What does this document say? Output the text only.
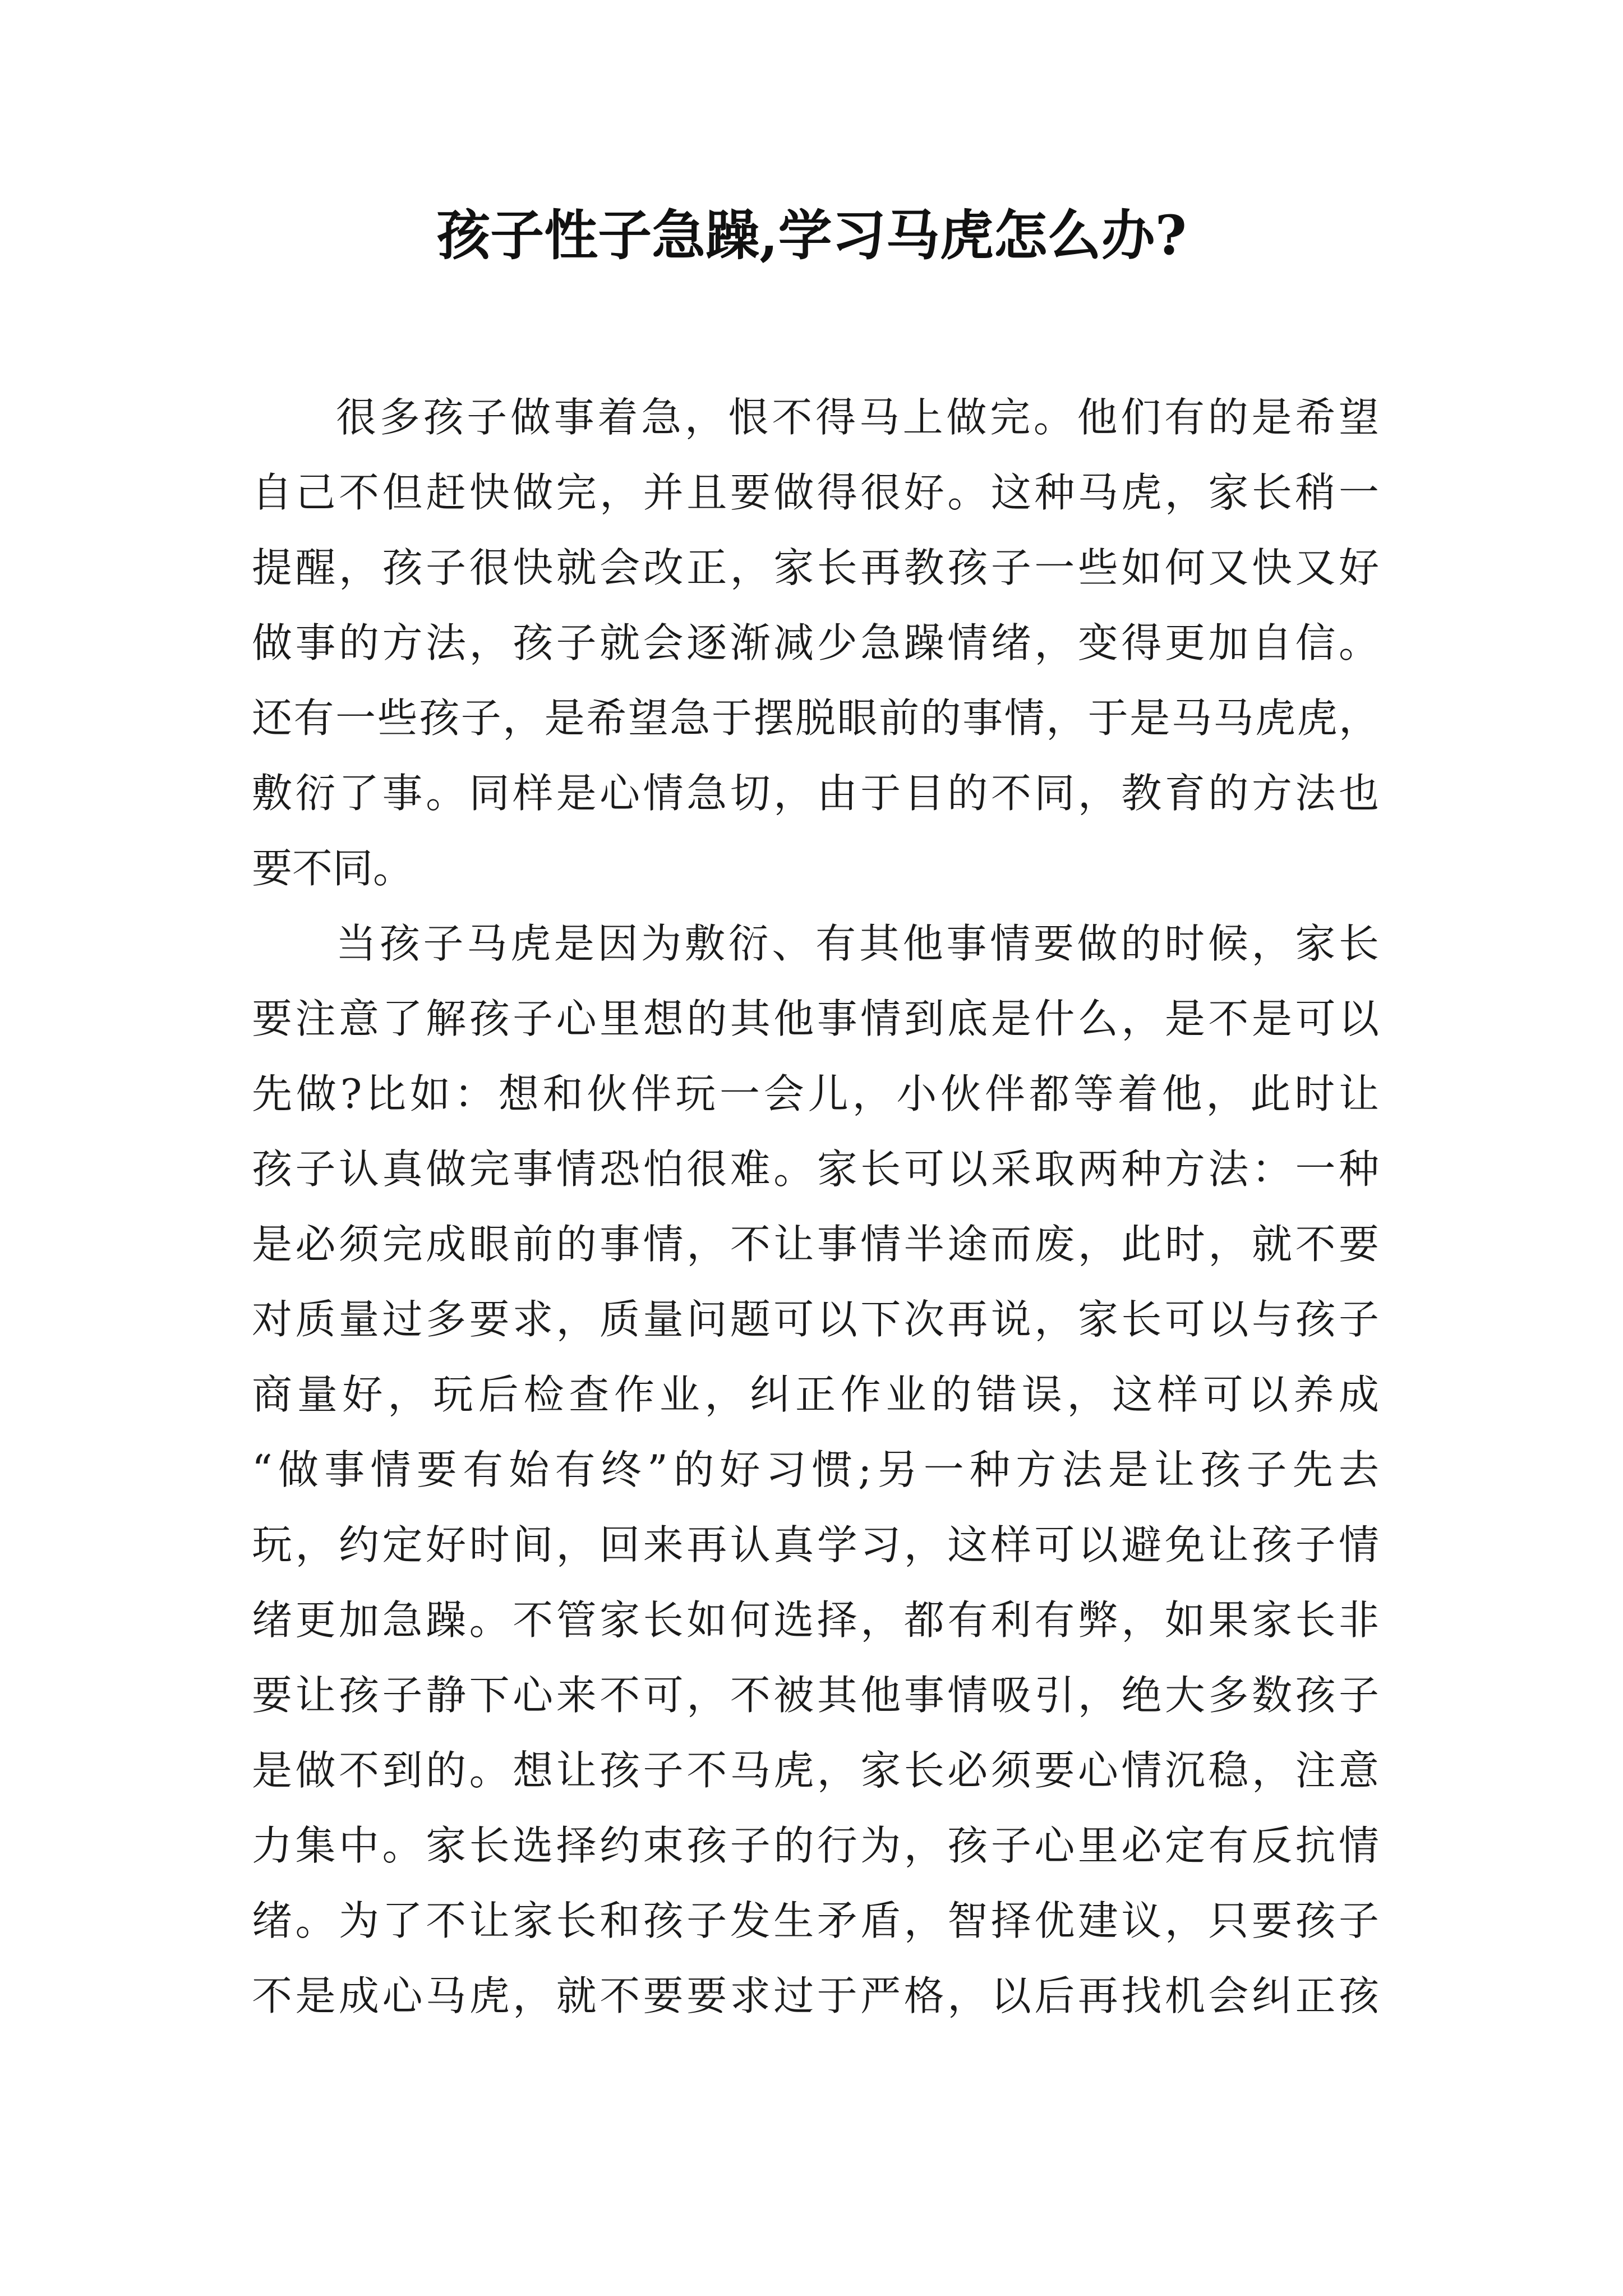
孩子性子急躁,学习马虎怎么办?
很多孩子做事着急，恨不得马上做完。他们有的是希望
自己不但赶快做完，并且要做得很好。这种马虎，家长稍一
提醒，孩子很快就会改正，家长再教孩子一些如何又快又好
做事的方法，孩子就会逐渐减少急躁情绪，变得更加自信。
还有一些孩子，是希望急于摆脱眼前的事情，于是马马虎虎，
敷衍了事。同样是心情急切，由于目的不同，教育的方法也
要不同。
当孩子马虎是因为敷衍、有其他事情要做的时候，家长
要注意了解孩子心里想的其他事情到底是什么，是不是可以
先做?比如：想和伙伴玩一会儿，小伙伴都等着他，此时让
孩子认真做完事情恐怕很难。家长可以采取两种方法：一种
是必须完成眼前的事情，不让事情半途而废，此时，就不要
对质量过多要求，质量问题可以下次再说，家长可以与孩子
商量好，玩后检查作业，纠正作业的错误，这样可以养成
“做事情要有始有终”的好习惯;另一种方法是让孩子先去
玩，约定好时间，回来再认真学习，这样可以避免让孩子情
绪更加急躁。不管家长如何选择，都有利有弊，如果家长非
要让孩子静下心来不可，不被其他事情吸引，绝大多数孩子
是做不到的。想让孩子不马虎，家长必须要心情沉稳，注意
力集中。家长选择约束孩子的行为，孩子心里必定有反抗情
绪。为了不让家长和孩子发生矛盾，智择优建议，只要孩子
不是成心马虎，就不要要求过于严格，以后再找机会纠正孩
